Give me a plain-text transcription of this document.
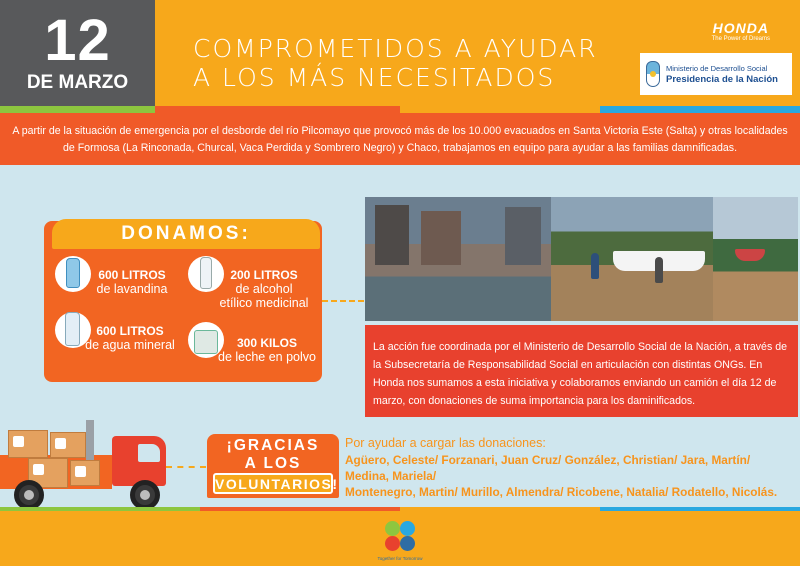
12
DE MARZO
COMPROMETIDOS A AYUDAR
A LOS MÁS NECESITADOS
HONDA
The Power of Dreams
Ministerio de Desarrollo Social
Presidencia de la Nación
A partir de la situación de emergencia por el desborde del río Pilcomayo que provocó más de los 10.000 evacuados en Santa Victoria Este (Salta) y otras localidades de Formosa (La Rinconada, Churcal, Vaca Perdida y Sombrero Negro) y Chaco, trabajamos en equipo para ayudar a las familias damnificadas.
DONAMOS:
600 LITROS
de lavandina
200 LITROS
de alcohol
etílico medicinal
600 LITROS
de agua mineral	300 KILOS
de leche en polvo
La acción fue coordinada por el Ministerio de Desarrollo Social de la Nación, a través de la Subsecretaría de Responsabilidad Social en articulación con distintas ONGs. En Honda nos sumamos a esta iniciativa y colaboramos enviando un camión el día 12 de marzo, con donaciones de suma importancia para los daminificados.
¡GRACIAS
A LOS
VOLUNTARIOS!
Por ayudar a cargar las donaciones:
Agüero, Celeste/ Forzanari, Juan Cruz/ González, Christian/ Jara, Martín/ Medina, Mariela/
Montenegro, Martin/ Murillo, Almendra/ Ricobene, Natalia/ Rodatello, Nicolás.
Together for Tomorrow
